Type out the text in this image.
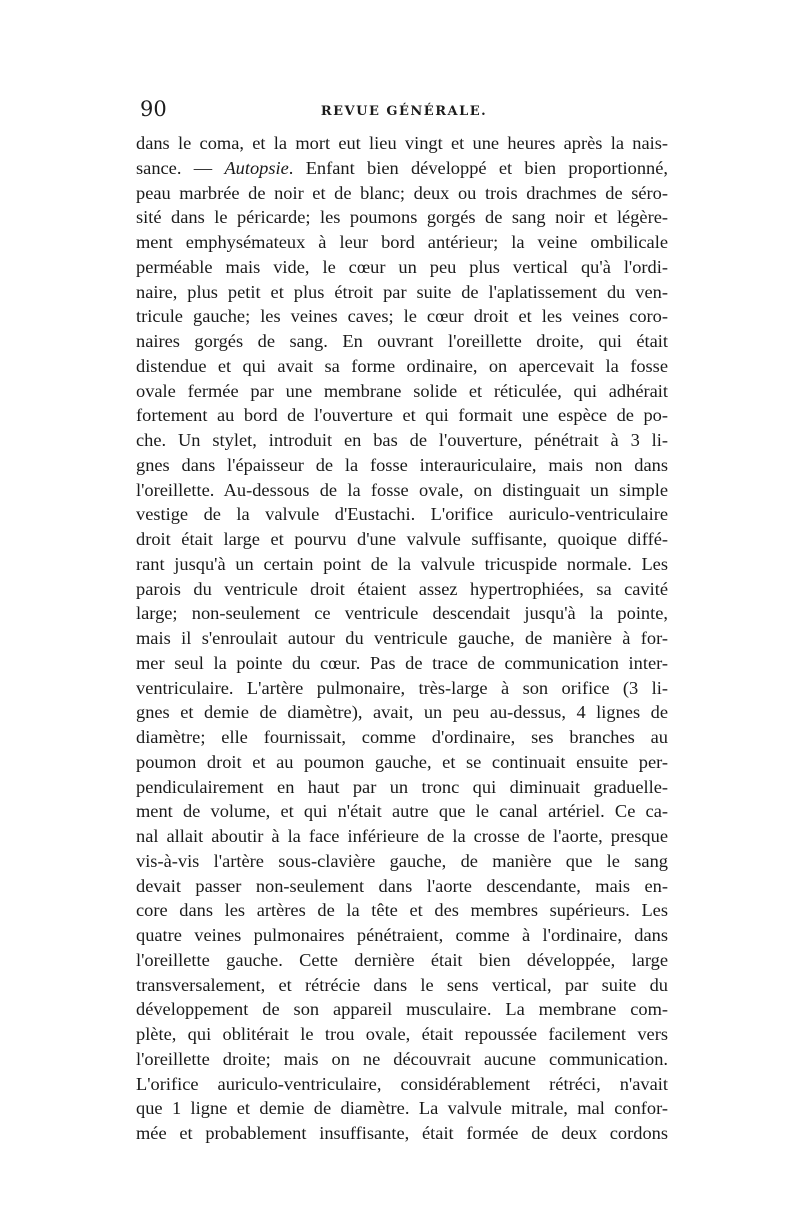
90	REVUE GÉNÉRALE.
dans le coma, et la mort eut lieu vingt et une heures après la nais-
sance. — Autopsie. Enfant bien développé et bien proportionné,
peau marbrée de noir et de blanc; deux ou trois drachmes de séro-
sité dans le péricarde; les poumons gorgés de sang noir et légère-
ment emphysémateux à leur bord antérieur; la veine ombilicale
perméable mais vide, le cœur un peu plus vertical qu'à l'ordi-
naire, plus petit et plus étroit par suite de l'aplatissement du ven-
tricule gauche; les veines caves; le cœur droit et les veines coro-
naires gorgés de sang. En ouvrant l'oreillette droite, qui était
distendue et qui avait sa forme ordinaire, on apercevait la fosse
ovale fermée par une membrane solide et réticulée, qui adhérait
fortement au bord de l'ouverture et qui formait une espèce de po-
che. Un stylet, introduit en bas de l'ouverture, pénétrait à 3 li-
gnes dans l'épaisseur de la fosse interauriculaire, mais non dans
l'oreillette. Au-dessous de la fosse ovale, on distinguait un simple
vestige de la valvule d'Eustachi. L'orifice auriculo-ventriculaire
droit était large et pourvu d'une valvule suffisante, quoique diffé-
rant jusqu'à un certain point de la valvule tricuspide normale. Les
parois du ventricule droit étaient assez hypertrophiées, sa cavité
large; non-seulement ce ventricule descendait jusqu'à la pointe,
mais il s'enroulait autour du ventricule gauche, de manière à for-
mer seul la pointe du cœur. Pas de trace de communication inter-
ventriculaire. L'artère pulmonaire, très-large à son orifice (3 li-
gnes et demie de diamètre), avait, un peu au-dessus, 4 lignes de
diamètre; elle fournissait, comme d'ordinaire, ses branches au
poumon droit et au poumon gauche, et se continuait ensuite per-
pendiculairement en haut par un tronc qui diminuait graduelle-
ment de volume, et qui n'était autre que le canal artériel. Ce ca-
nal allait aboutir à la face inférieure de la crosse de l'aorte, presque
vis-à-vis l'artère sous-clavière gauche, de manière que le sang
devait passer non-seulement dans l'aorte descendante, mais en-
core dans les artères de la tête et des membres supérieurs. Les
quatre veines pulmonaires pénétraient, comme à l'ordinaire, dans
l'oreillette gauche. Cette dernière était bien développée, large
transversalement, et rétrécie dans le sens vertical, par suite du
développement de son appareil musculaire. La membrane com-
plète, qui oblitérait le trou ovale, était repoussée facilement vers
l'oreillette droite; mais on ne découvrait aucune communication.
L'orifice auriculo-ventriculaire, considérablement rétréci, n'avait
que 1 ligne et demie de diamètre. La valvule mitrale, mal confor-
mée et probablement insuffisante, était formée de deux cordons
